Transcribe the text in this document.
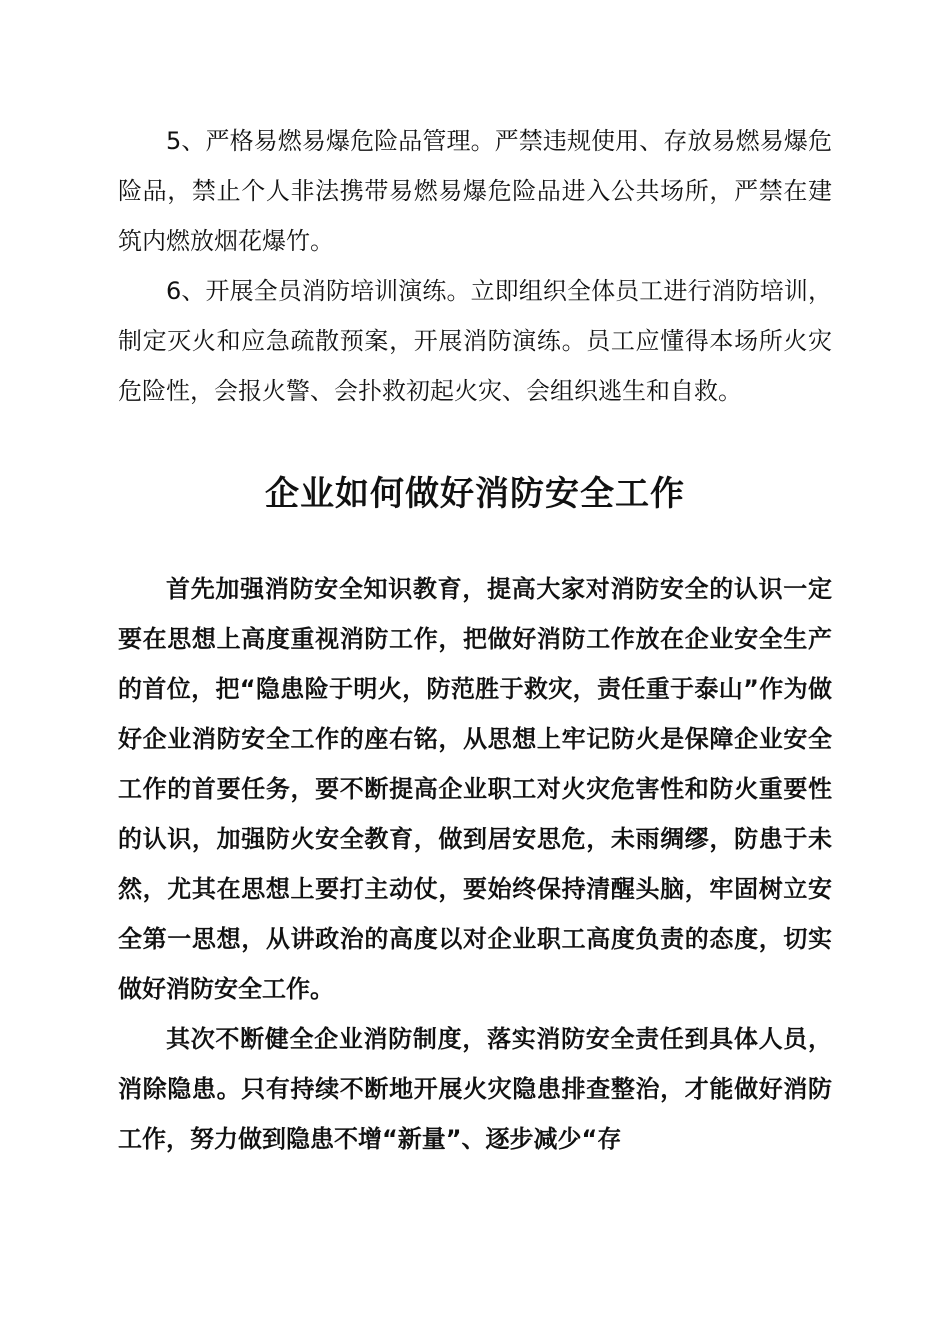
5、严格易燃易爆危险品管理。严禁违规使用、存放易燃易爆危险品，禁止个人非法携带易燃易爆危险品进入公共场所，严禁在建筑内燃放烟花爆竹。

6、开展全员消防培训演练。立即组织全体员工进行消防培训，制定灭火和应急疏散预案，开展消防演练。员工应懂得本场所火灾危险性，会报火警、会扑救初起火灾、会组织逃生和自救。

企业如何做好消防安全工作

首先加强消防安全知识教育，提高大家对消防安全的认识一定要在思想上高度重视消防工作，把做好消防工作放在企业安全生产的首位，把“隐患险于明火，防范胜于救灾，责任重于泰山”作为做好企业消防安全工作的座右铭，从思想上牢记防火是保障企业安全工作的首要任务，要不断提高企业职工对火灾危害性和防火重要性的认识，加强防火安全教育，做到居安思危，未雨绸缪，防患于未然，尤其在思想上要打主动仗，要始终保持清醒头脑，牢固树立安全第一思想，从讲政治的高度以对企业职工高度负责的态度，切实做好消防安全工作。

其次不断健全企业消防制度，落实消防安全责任到具体人员，消除隐患。只有持续不断地开展火灾隐患排查整治，才能做好消防工作，努力做到隐患不增“新量”、逐步减少“存
